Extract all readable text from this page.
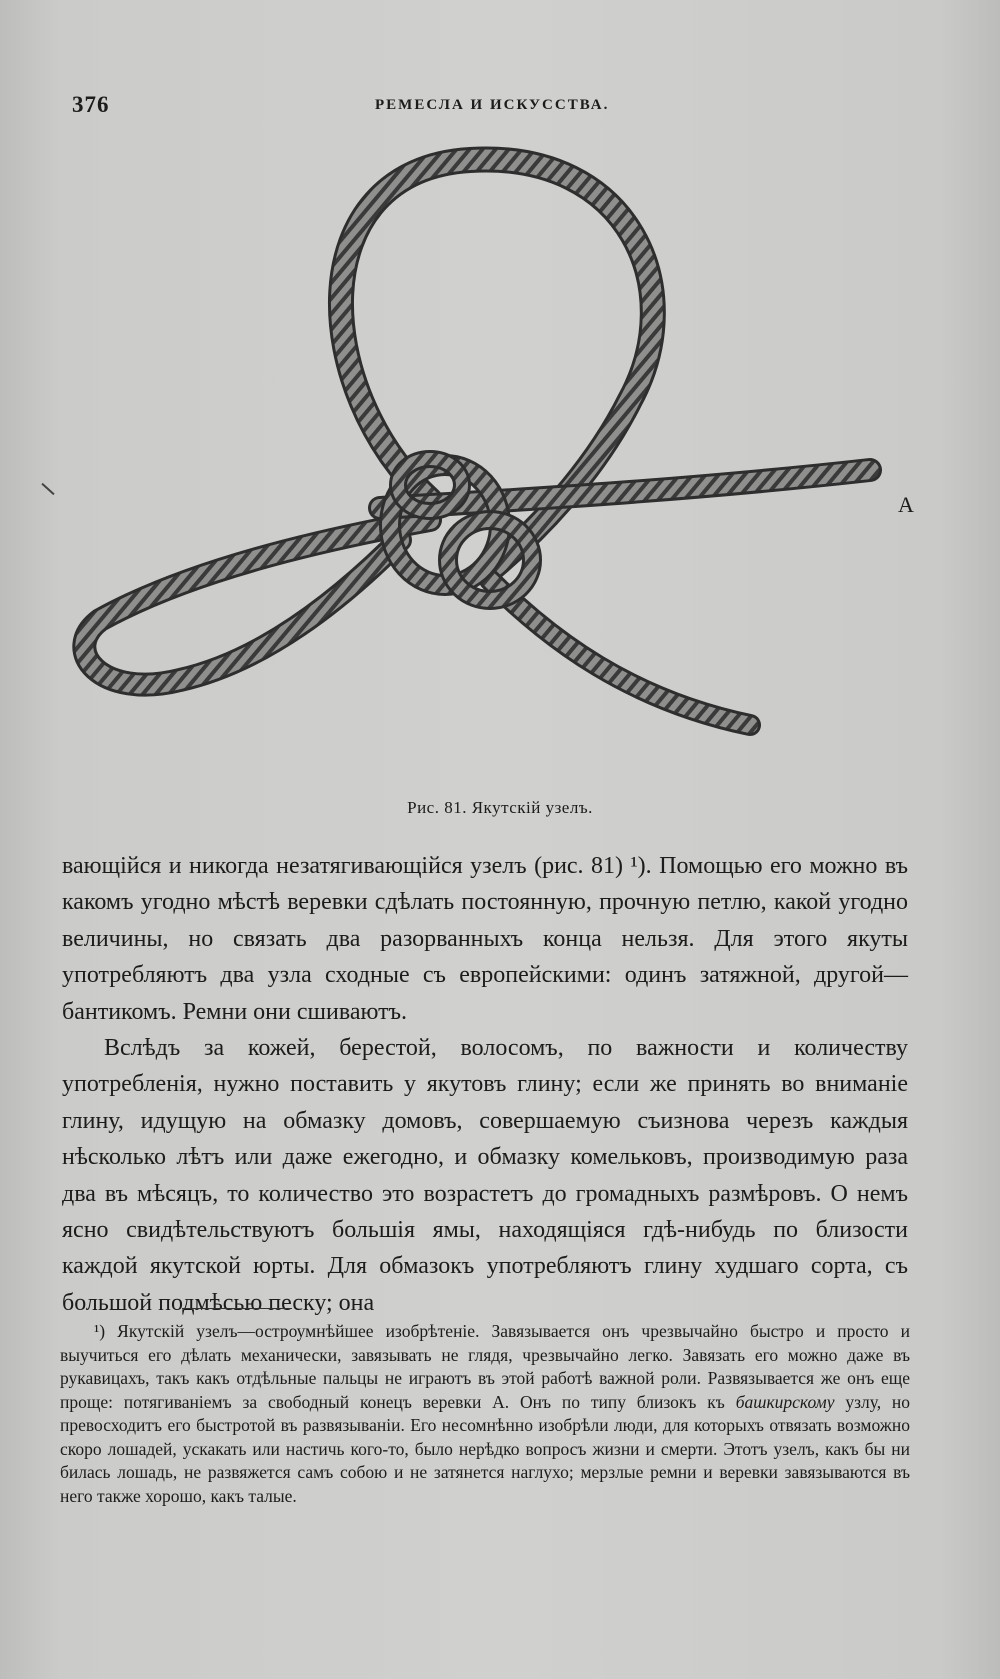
376	РЕМЕСЛА И ИСКУССТВА.
A
Рис. 81. Якутскій узелъ.

вающійся и никогда незатягивающійся узелъ (рис. 81) ¹). Помощью его можно въ какомъ угодно мѣстѣ веревки сдѣлать постоянную, прочную петлю, какой угодно величины, но связать два разорванныхъ конца нельзя. Для этого якуты употребляютъ два узла сходные съ европейскими: одинъ затяжной, другой—бантикомъ. Ремни они сшиваютъ.

Вслѣдъ за кожей, берестой, волосомъ, по важности и количеству употребленія, нужно поставить у якутовъ глину; если же принять во вниманіе глину, идущую на обмазку домовъ, совершаемую съизнова черезъ каждыя нѣсколько лѣтъ или даже ежегодно, и обмазку комельковъ, производимую раза два въ мѣсяцъ, то количество это возрастетъ до громадныхъ размѣровъ. О немъ ясно свидѣтельствуютъ большія ямы, находящіяся гдѣ-нибудь по близости каждой якутской юрты. Для обмазокъ употребляютъ глину худшаго сорта, съ большой подмѣсью песку; она

¹) Якутскій узелъ—остроумнѣйшее изобрѣтеніе. Завязывается онъ чрезвычайно быстро и просто и выучиться его дѣлать механически, завязывать не глядя, чрезвычайно легко. Завязать его можно даже въ рукавицахъ, такъ какъ отдѣльные пальцы не играютъ въ этой работѣ важной роли. Развязывается же онъ еще проще: потягиваніемъ за свободный конецъ веревки А. Онъ по типу близокъ къ башкирскому узлу, но превосходитъ его быстротой въ развязываніи. Его несомнѣнно изобрѣли люди, для которыхъ отвязать возможно скоро лошадей, ускакать или настичь кого-то, было нерѣдко вопросъ жизни и смерти. Этотъ узелъ, какъ бы ни билась лошадь, не развяжется самъ собою и не затянется наглухо; мерзлые ремни и веревки завязываются въ него также хорошо, какъ талые.
